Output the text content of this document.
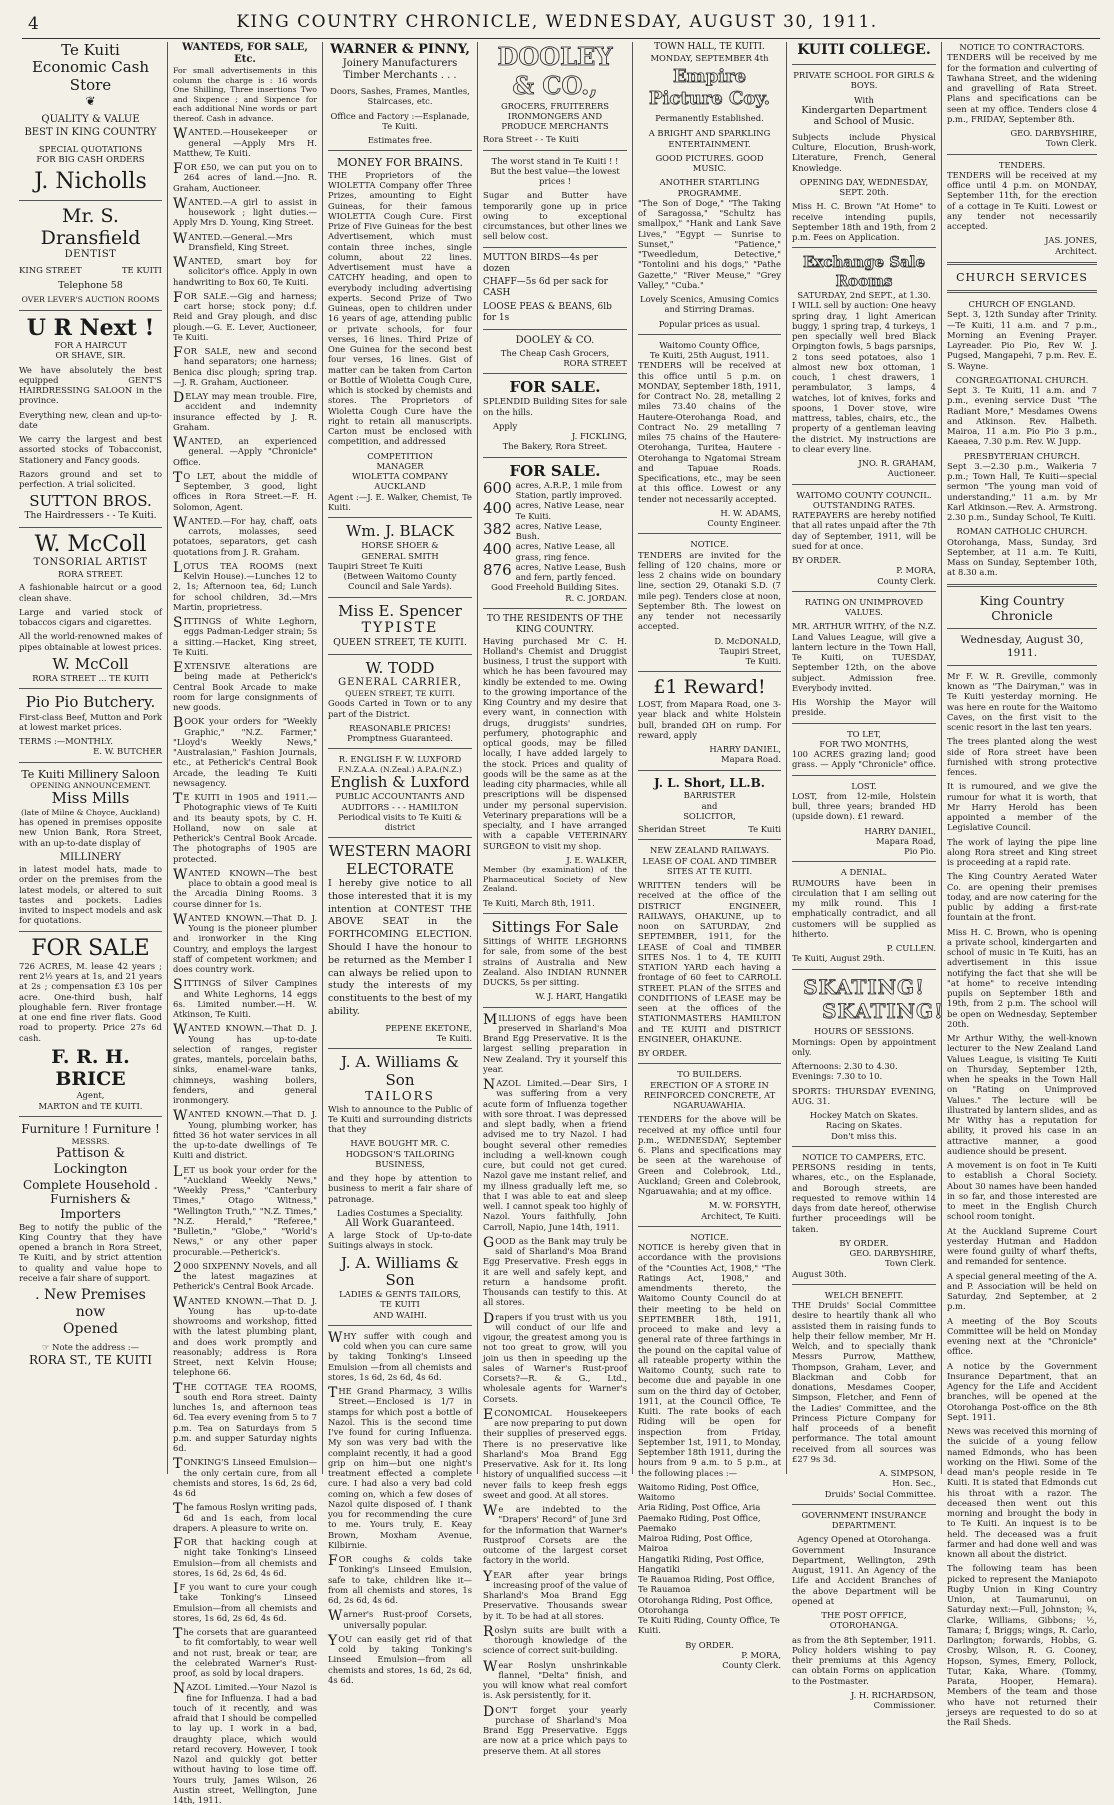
4	KING COUNTRY CHRONICLE, WEDNESDAY, AUGUST 30, 1911.
Te Kuiti
Economic Cash Store
❦
QUALITY & VALUE
BEST IN KING COUNTRY
SPECIAL QUOTATIONS
FOR BIG CASH ORDERS
J. Nicholls
Mr. S. Dransfield
DENTIST
KING STREET	TE KUITI
Telephone 58
OVER LEVER'S AUCTION ROOMS
U R Next !
FOR A HAIRCUT
OR SHAVE, SIR.

We have absolutely the best equipped GENT'S HAIRDRESSING SALOON in the province.

Everything new, clean and up-to-date

We carry the largest and best assorted stocks of Tobacconist, Stationery and Fancy goods.

Razors ground and set to perfection. A trial solicited.

SUTTON BROS.
The Hairdressers - - Te Kuiti.
W. McColl
TONSORIAL ARTIST
RORA STREET.

A fashionable haircut or a good clean shave.

Large and varied stock of tobaccos cigars and cigarettes.

All the world-renowned makes of pipes obtainable at lowest prices.

W. McColl
RORA STREET ... TE KUITI
Pio Pio Butchery.

First-class Beef, Mutton and Pork at lowest market prices.

TERMS :—MONTHLY.
E. W. BUTCHER
Te Kuiti Millinery Saloon
OPENING ANNOUNCEMENT.
Miss Mills
(late of Milne & Choyce, Auckland)

has opened in premises opposite new Union Bank, Rora Street, with an up-to-date display of

MILLINERY

in latest model hats, made to order on the premises from the latest models, or altered to suit tastes and pockets. Ladies invited to inspect models and ask for quotations.

FOR SALE

726 ACRES, M. lease 42 years ; rent 2½ years at 1s, and 21 years at 2s ; compensation £3 10s per acre. One-third bush, half ploughable fern. River frontage at one end fine river flats. Good road to property. Price 27s 6d cash.

F. R. H. BRICE
Agent,
MARTON and TE KUITI.
Furniture ! Furniture !
MESSRS.
Pattison & Lockington
Complete Household .
Furnishers & Importers

Beg to notify the public of the King Country that they have opened a branch in Rora Street, Te Kuiti, and by strict attention to quality and value hope to receive a fair share of support.

. New Premises now
Opened
☞ Note the address :—
RORA ST., TE KUITI
WANTEDS, FOR SALE, Etc.

For small advertisements in this column the charge is : 16 words One Shilling, Three insertions Two and Sixpence ; and Sixpence for each additional Nine words or part thereof. Cash in advance.

WANTED.—Housekeeper or general —Apply Mrs H. Matthew, Te Kuiti.

FOR £50, we can put you on to 264 acres of land.—Jno. R. Graham, Auctioneer.

WANTED.—A girl to assist in housework ; light duties.—Apply Mrs D. Young, King Street.

WANTED.—General.—Mrs Dransfield, King Street.

WANTED, smart boy for solicitor's office. Apply in own handwriting to Box 60, Te Kuiti.

FOR SALE.—Gig and harness; cart horse; stock pony; d.f. Reid and Gray plough, and disc plough.—G. E. Lever, Auctioneer, Te Kuiti.

FOR SALE, new and second hand separators; one harness; Benica disc plough; spring trap.—J. R. Graham, Auctioneer.

DELAY may mean trouble. Fire, accident and indemnity insurance effected by J. R. Graham.

WANTED, an experienced general. —Apply "Chronicle" Office.

TO LET, about the middle of September, 3 good, light offices in Rora Street.—F. H. Solomon, Agent.

WANTED.—For hay, chaff, oats carrots, molasses, seed potatoes, separators, get cash quotations from J. R. Graham.

LOTUS TEA ROOMS (next Kelvin House).—Lunches 12 to 2, 1s; Afternoon tea, 6d; Lunch for school children, 3d.—Mrs Martin, proprietress.

SITTINGS of White Leghorn, eggs Padman-Ledger strain; 5s a sitting.—Hacket, King street, Te Kuiti.

EXTENSIVE alterations are being made at Petherick's Central Book Arcade to make room for large consignments of new goods.

BOOK your orders for "Weekly Graphic," "N.Z. Farmer," "Lloyd's Weekly News," "Australasian," Fashion Journals, etc., at Petherick's Central Book Arcade, the leading Te Kuiti newsagency.

TE KUITI in 1905 and 1911.—Photographic views of Te Kuiti and its beauty spots, by C. H. Holland, now on sale at Petherick's Central Book Arcade. The photographs of 1905 are protected.

WANTED KNOWN—The best place to obtain a good meal is the Arcadia Dining Rooms. 3 course dinner for 1s.

WANTED KNOWN.—That D. J. Young is the pioneer plumber and ironworker in the King Country, and employs the largest staff of competent workmen; and does country work.

SITTINGS of Silver Campines and White Leghorns, 14 eggs 6s. Limited number.—H. W. Atkinson, Te Kuiti.

WANTED KNOWN.—That D. J. Young has up-to-date selection of ranges, register grates, mantels, porcelain baths, sinks, enamel-ware tanks, chimneys, washing boilers, fenders, and general ironmongery.

WANTED KNOWN.—That D. J. Young, plumbing worker, has fitted 36 hot water services in all the up-to-date dwellings of Te Kuiti and district.

LET us book your order for the "Auckland Weekly News," "Weekly Press," "Canterbury Times," Otago Witness," "Wellington Truth," "N.Z. Times," "N.Z. Herald," "Referee," "Bulletin," "Globe," "World's News," or any other paper procurable.—Petherick's.

2000 SIXPENNY Novels, and all the latest magazines at Petherick's Central Book Arcade.

WANTED KNOWN.—That D. J. Young has up-to-date showrooms and workshop, fitted with the latest plumbing plant, and does work promptly and reasonably; address is Rora Street, next Kelvin House; telephone 66.

THE COTTAGE TEA ROOMS, south end Rora street. Dainty lunches 1s, and afternoon teas 6d. Tea every evening from 5 to 7 p.m. Tea on Saturdays from 5 p.m. and supper Saturday nights 6d.

TONKING'S Linseed Emulsion—the only certain cure, from all chemists and stores, 1s 6d, 2s 6d, 4s 6d

The famous Roslyn writing pads, 6d and 1s each, from local drapers. A pleasure to write on.

FOR that hacking cough at night take Tonking's Linseed Emulsion—from all chemists and stores, 1s 6d, 2s 6d, 4s 6d.

IF you want to cure your cough take Tonking's Linseed Emulsion—from all chemists and stores, 1s 6d, 2s 6d, 4s 6d.

The corsets that are guaranteed to fit comfortably, to wear well and not rust, break or tear, are the celebrated Warner's Rust-proof, as sold by local drapers.

NAZOL Limited.—Your Nazol is fine for Influenza. I had a bad touch of it recently, and was afraid that I should be compelled to lay up. I work in a bad, draughty place, which would retard recovery. However, I took Nazol and quickly got better without having to lose time off. Yours truly, James Wilson, 26 Austin street, Wellington, June 14th, 1911.

WARNER & PINNY,
Joinery Manufacturers
Timber Merchants . . .

Doors, Sashes, Frames, Mantles, Staircases, etc.

Office and Factory :—Esplanade, Te Kuiti.

Estimates free.
MONEY FOR BRAINS.

THE Proprietors of the WIOLETTA Company offer Three Prizes, amounting to Eight Guineas, for their famous WIOLETTA Cough Cure. First Prize of Five Guineas for the best Advertisement, which must contain three inches, single column, about 22 lines. Advertisement must have a CATCHY heading, and open to everybody including advertising experts. Second Prize of Two Guineas, open to children under 16 years of age, attending public or private schools, for four verses, 16 lines. Third Prize of One Guinea for the second best four verses, 16 lines. Gist of matter can be taken from Carton or Bottle of Wioletta Cough Cure, which is stocked by chemists and stores. The Proprietors of Wioletta Cough Cure have the right to retain all manuscripts. Carton must be enclosed with competition, and addressed

COMPETITION
MANAGER
WIOLETTA COMPANY
AUCKLAND

Agent :—J. E. Walker, Chemist, Te Kuiti.

Wm. J. BLACK
HORSE SHOER &
GENERAL SMITH
Taupiri Street Te Kuiti

(Between Waitomo County Council and Sale Yards).

Miss E. Spencer
TYPISTE
QUEEN STREET, TE KUITI.
W. TODD
GENERAL CARRIER,
QUEEN STREET, TE KUITI.

Goods Carted in Town or to any part of the District.

REASONABLE PRICES!
Promptness Guaranteed.
R. ENGLISH F. W. LUXFORD
F.N.Z.A.A. (N.Zeal.) A.P.A.(N.Z.)
English & Luxford
PUBLIC ACCOUNTANTS AND AUDITORS - - - HAMILTON
Periodical visits to Te Kuiti & district
WESTERN MAORI
ELECTORATE

I hereby give notice to all those interested that it is my intention at CONTEST THE ABOVE SEAT in the FORTHCOMING ELECTION. Should I have the honour to be returned as the Member I can always be relied upon to study the interests of my constituents to the best of my ability.

PEPENE EKETONE,
Te Kuiti.
J. A. Williams & Son
TAILORS

Wish to announce to the Public of Te Kuiti and surrounding districts that they

HAVE BOUGHT MR. C. HODGSON'S TAILORING BUSINESS,

and they hope by attention to business to merit a fair share of patronage.

Ladies Costumes a Speciality.
All Work Guaranteed.

A large Stock of Up-to-date Suitings always in stock.

J. A. Williams & Son
LADIES & GENTS TAILORS,
TE KUITI
AND WAIHI.

WHY suffer with cough and cold when you can cure same by taking Tonking's Linseed Emulsion —from all chemists and stores, 1s 6d, 2s 6d, 4s 6d.

THE Grand Pharmacy, 3 Willis Street.—Enclosed is 1/7 in stamps for which post a bottle of Nazol. This is the second time I've found for curing Influenza. My son was very bad with the complaint recently, it had a good grip on him—but one night's treatment effected a complete cure. I had also a very bad cold coming on, which a few doses of Nazol quite disposed of. I thank you for recommending the cure to me. Yours truly, E. Keay Brown, Moxham Avenue, Kilbirnie.

FOR coughs & colds take Tonking's Linseed Emulsion, safe to take, children like it—from all chemists and stores, 1s 6d, 2s 6d, 4s 6d.

Warner's Rust-proof Corsets, universally popular.

YOU can easily get rid of that cold by taking Tonking's Linseed Emulsion—from all chemists and stores, 1s 6d, 2s 6d, 4s 6d.

DOOLEY & CO.,
GROCERS, FRUITERERS
IRONMONGERS AND
PRODUCE MERCHANTS
Rora Street - - Te Kuiti

The worst stand in Te Kuiti ! ! But the best value—the lowest prices !

Sugar and Butter have temporarily gone up in price owing to exceptional circumstances, but other lines we sell below cost.

MUTTON BIRDS—4s per dozen
CHAFF—5s 6d per sack for CASH
LOOSE PEAS & BEANS, 6lb for 1s
DOOLEY & CO.
The Cheap Cash Grocers,
RORA STREET
FOR SALE.

SPLENDID Building Sites for sale on the hills.

Apply
J. FICKLING,
The Bakery, Rora Street.
FOR SALE.
600 acres, A.R.P., 1 mile from Station, partly improved.
400 acres, Native Lease, near Te Kuiti.
382 acres, Native Lease, Bush.
400 acres, Native Lease, all grass, ring fence.
876 acres, Native Lease, Bush and fern, partly fenced.
Good Freehold Building Sites.
R. C. JORDAN.
TO THE RESIDENTS OF THE KING COUNTRY.

Having purchased Mr C. H. Holland's Chemist and Druggist business, I trust the support with which he has been favoured may kindly be extended to me. Owing to the growing importance of the King Country and my desire that every want, in connection with drugs, druggists' sundries, perfumery, photographic and optical goods, may be filled locally, I have added largely to the stock. Prices and quality of goods will be the same as at the leading city pharmacies, while all prescriptions will be dispensed under my personal supervision. Veterinary preparations will be a specialty, and I have arranged with a capable VETERINARY SURGEON to visit my shop.

J. E. WALKER,

Member (by examination) of the Pharmaceutical Society of New Zealand.

Te Kuiti, March 8th, 1911.
Sittings For Sale

Sittings of WHITE LEGHORNS for sale, from some of the best strains of Australia and New Zealand. Also INDIAN RUNNER DUCKS, 5s per sitting.

W. J. HART, Hangatiki

MILLIONS of eggs have been preserved in Sharland's Moa Brand Egg Preservative. It is the largest selling preparation in New Zealand. Try it yourself this year.

NAZOL Limited.—Dear Sirs, I was suffering from a very acute form of Influenza together with sore throat. I was depressed and slept badly, when a friend advised me to try Nazol. I had bought several other remedies including a well-known cough cure, but could not get cured. Nazol gave me instant relief, and my illness gradually left me, so that I was able to eat and sleep well. I cannot speak too highly of Nazol. Yours faithfully, John Carroll, Napio, June 14th, 1911.

GOOD as the Bank may truly be said of Sharland's Moa Brand Egg Preservative. Fresh eggs in it are well and safely kept, and return a handsome profit. Thousands can testify to this. At all stores.

Drapers if you trust with us you will conduct of our life and vigour, the greatest among you is not too great to grow, will you join us then in speeding up the sales of Warner's Rust-proof Corsets?—R. & G., Ltd., wholesale agents for Warner's Corsets.

ECONOMICAL Housekeepers are now preparing to put down their supplies of preserved eggs. There is no preservative like Sharland's Moa Brand Egg Preservative. Ask for it. Its long history of unqualified success —it never fails to keep fresh eggs sweet and good. At all stores.

We are indebted to the "Drapers' Record" of June 3rd for the information that Warner's Rustproof Corsets are the outcome of the largest corset factory in the world.

YEAR after year brings increasing proof of the value of Sharland's Moa Brand Egg Preservative. Thousands swear by it. To be had at all stores.

Roslyn suits are built with a thorough knowledge of the science of correct suit-building.

Wear Roslyn unshrinkable flannel, "Delta" finish, and you will know what real comfort is. Ask persistently, for it.

DON'T forget your yearly purchase of Sharland's Moa Brand Egg Preservative. Eggs are now at a price which pays to preserve them. At all stores

TOWN HALL, TE KUITI.
MONDAY, SEPTEMBER 4th
Empire Picture Coy.
Permanently Established.

A BRIGHT AND SPARKLING ENTERTAINMENT.

GOOD PICTURES. GOOD MUSIC.
ANOTHER STARTLING PROGRAMME.

"The Son of Doge," "The Taking of Saragossa," "Schultz has smallpox," "Hank and Lank Save Lives," "Egypt — Sunrise to Sunset," "Patience," "Tweedledum, Detective," "Tontolini and his dogs," "Pathe Gazette," "River Meuse," "Grey Valley," "Cuba."

Lovely Scenics, Amusing Comics and Stirring Dramas.

Popular prices as usual.
Waitomo County Office,
Te Kuiti, 25th August, 1911.

TENDERS will be received at this office until 5 p.m. on MONDAY, September 18th, 1911, for Contract No. 28, metalling 2 miles 73.40 chains of the Hautere-Oterohanga Road, and Contract No. 29 metalling 7 miles 75 chains of the Hautere-Oterohanga, Turitea, Hautere - Oterohanga to Ngatomai Stream and Tapuae Roads. Specifications, etc., may be seen at this office. Lowest or any tender not necessarily accepted.

H. W. ADAMS,
County Engineer.
NOTICE.

TENDERS are invited for the felling of 120 chains, more or less 2 chains wide on boundary line, section 29, Otanaki S.D. (7 mile peg). Tenders close at noon, September 8th. The lowest on any tender not necessarily accepted.

D. McDONALD,
Taupiri Street,
Te Kuiti.
£1 Reward!

LOST, from Mapara Road, one 3-year black and white Holstein bull, branded ΩH on rump. For reward, apply

HARRY DANIEL,
Mapara Road.
J. L. Short, LL.B.
BARRISTER
and
SOLICITOR,
Sheridan Street	Te Kuiti
NEW ZEALAND RAILWAYS.

LEASE OF COAL AND TIMBER SITES AT TE KUITI.

WRITTEN tenders will be received at the office of the DISTRICT ENGINEER, RAILWAYS, OHAKUNE, up to noon on SATURDAY, 2nd SEPTEMBER, 1911, for the LEASE of Coal and TIMBER SITES Nos. 1 to 4, TE KUITI STATION YARD each having a frontage of 60 feet to CARROLL STREET. PLAN of the SITES and CONDITIONS of LEASE may be seen at the offices of the STATIONMASTERS HAMILTON and TE KUITI and DISTRICT ENGINEER, OHAKUNE.

BY ORDER.
TO BUILDERS.

ERECTION OF A STORE IN REINFORCED CONCRETE, AT NGARUAWAHIA.

TENDERS for the above will be received at my office until four p.m., WEDNESDAY, September 6. Plans and specifications may be seen at the warehouse of Green and Colebrook, Ltd., Auckland; Green and Colebrook, Ngaruawahia; and at my office.

M. W. FORSYTH,
Architect, Te Kuiti.
NOTICE.

NOTICE is hereby given that in accordance with the provisions of the "Counties Act, 1908," "The Ratings Act, 1908," and amendments thereto, the Waitomo County Council do at their meeting to be held on SEPTEMBER 18th, 1911, proceed to make and levy a general rate of three farthings in the pound on the capital value of all rateable property within the Waitomo County, such rate to become due and payable in one sum on the third day of October, 1911, at the Council Office, Te Kuiti. The rate books of each Riding will be open for inspection from Friday, September 1st, 1911, to Monday, September 18th 1911, during the hours from 9 a.m. to 5 p.m., at the following places :—

Waitomo Riding, Post Office, Waitomo
Aria Riding, Post Office, Aria
Paemako Riding, Post Office, Paemako
Mairoa Riding, Post Office, Mairoa
Hangatiki Riding, Post Office, Hangatiki
Te Rauamoa Riding, Post Office, Te Rauamoa
Otorohanga Riding, Post Office, Otorohanga
Te Kuiti Riding, County Office, Te Kuiti.

By ORDER.
P. MORA,
County Clerk.
KUITI COLLEGE.

PRIVATE SCHOOL FOR GIRLS & BOYS.

With

Kindergarten Department and School of Music.

Subjects include Physical Culture, Elocution, Brush-work, Literature, French, General Knowledge.

OPENING DAY, WEDNESDAY, SEPT. 20th.

Miss H. C. Brown "At Home" to receive intending pupils, September 18th and 19th, from 2 p.m. Fees on Application.

Exchange Sale Rooms
SATURDAY, 2nd SEPT., at 1.30.

I WILL sell by auction: One heavy spring dray, 1 light American buggy, 1 spring trap, 4 turkeys, 1 pen specially well bred Black Orpington fowls, 5 bags parsnips, 2 tons seed potatoes, also 1 almost new box ottoman, 1 couch, 1 chest drawers, 1 perambulator, 3 lamps, 4 watches, lot of knives, forks and spoons, 1 Dover stove, wire mattress, tables, chairs, etc., the property of a gentleman leaving the district. My instructions are to clear every line.

JNO. R. GRAHAM,
Auctioneer.
WAITOMO COUNTY COUNCIL.
OUTSTANDING RATES.

RATEPAYERS are hereby notified that all rates unpaid after the 7th day of September, 1911, will be sued for at once.

BY ORDER.
P. MORA,
County Clerk.

RATING ON UNIMPROVED VALUES.

MR. ARTHUR WITHY, of the N.Z. Land Values League, will give a lantern lecture in the Town Hall, Te Kuiti, on TUESDAY, September 12th, on the above subject. Admission free. Everybody invited.

His Worship the Mayor will preside.

TO LET,
FOR TWO MONTHS,

100 ACRES grazing land; good grass. — Apply "Chronicle" office.

LOST.

LOST, from 12-mile, Holstein bull, three years; branded HD (upside down). £1 reward.

HARRY DANIEL,
Mapara Road,
Pio Pio.
A DENIAL.

RUMOURS have been in circulation that I am selling out my milk round. This I emphatically contradict, and all customers will be supplied as hitherto.

P. CULLEN.
Te Kuiti, August 29th.
SKATING!
SKATING!
HOURS OF SESSIONS.

Mornings: Open by appointment only.

Afternoons: 2.30 to 4.30.
Evenings: 7.30 to 10.

SPORTS: THURSDAY EVENING, AUG. 31.

Hockey Match on Skates.
Racing on Skates.
Don't miss this.
NOTICE TO CAMPERS, ETC.

PERSONS residing in tents, whares, etc., on the Esplanade, and Borough streets, are requested to remove within 14 days from date hereof, otherwise further proceedings will be taken.

BY ORDER.
GEO. DARBYSHIRE,
Town Clerk.
August 30th.
WELCH BENEFIT.

THE Druids' Social Committee desire to heartily thank all who assisted them in raising funds to help their fellow member, Mr H. Welch, and to specially thank Messrs Purrow, Matthew, Thompson, Graham, Lever, and Blackman and Cobb for donations, Mesdames Cooper, Simpson, Fletcher, and Fenn of the Ladies' Committee, and the Princess Picture Company for half proceeds of a benefit performance. The total amount received from all sources was £27 9s 3d.

A. SIMPSON,
Hon. Sec.,
Druids' Social Committee.

GOVERNMENT INSURANCE DEPARTMENT.

Agency Opened at Otorohanga.

Government Insurance Department, Wellington, 29th August, 1911. An Agency of the Life and Accident Branches of the above Department will be opened at

THE POST OFFICE, OTOROHANGA.

as from the 8th September, 1911. Policy holders wishing to pay their premiums at this Agency can obtain Forms on application to the Postmaster.

J. H. RICHARDSON,
Commissioner.
NOTICE TO CONTRACTORS.

TENDERS will be received by me for the formation and culverting of Tawhana Street, and the widening and gravelling of Rata Street. Plans and specifications can be seen at my office. Tenders close 4 p.m., FRIDAY, September 8th.

GEO. DARBYSHIRE,
Town Clerk.
TENDERS.

TENDERS will be received at my office until 4 p.m. on MONDAY, September 11th, for the erection of a cottage in Te Kuiti. Lowest or any tender not necessarily accepted.

JAS. JONES,
Architect.
CHURCH SERVICES
CHURCH OF ENGLAND.

Sept. 3, 12th Sunday after Trinity.—Te Kuiti, 11 a.m. and 7 p.m., Morning an Evening Prayer. Layreader. Pio Pio, Rev W. J. Pugsed, Mangapehi, 7 p.m. Rev. E. S. Wayne.

CONGREGATIONAL CHURCH.

Sept 3. Te Kuiti, 11 a.m. and 7 p.m., evening service Dust "The Radiant More," Mesdames Owens and Atkinson. Rev. Halbeth. Mairoa, 11 a.m. Pio Pio 3 p.m., Kaeaea, 7.30 p.m. Rev. W. Jupp.

PRESBYTERIAN CHURCH.

Sept 3.—2.30 p.m., Waikeria 7 p.m.; Town Hall, Te Kuiti—special sermon "The young man void of understanding," 11 a.m. by Mr Karl Atkinson.—Rev. A. Armstrong. 2.30 p.m., Sunday School, Te Kuiti.

ROMAN CATHOLIC CHURCH.

Otorohanga, Mass, Sunday, 3rd September, at 11 a.m. Te Kuiti, Mass on Sunday, September 10th, at 8.30 a.m.

King Country Chronicle
Wednesday, August 30, 1911.

Mr F. W. R. Greville, commonly known as "The Dairyman," was in Te Kuiti yesterday morning. He was here en route for the Waitomo Caves, on the first visit to the scenic resort in the last ten years.

The trees planted along the west side of Rora street have been furnished with strong protective fences.

It is rumoured, and we give the rumour for what it is worth, that Mr Harry Herold has been appointed a member of the Legislative Council.

The work of laying the pipe line along Rora street and King street is proceeding at a rapid rate.

The King Country Aerated Water Co. are opening their premises today, and are now catering for the public by adding a first-rate fountain at the front.

Miss H. C. Brown, who is opening a private school, kindergarten and school of music in Te Kuiti, has an advertisement in this issue notifying the fact that she will be "at home" to receive intending pupils on September 18th and 19th, from 2 p.m. The school will be open on Wednesday, September 20th.

Mr Arthur Withy, the well-known lecturer to the New Zealand Land Values League, is visiting Te Kuiti on Thursday, September 12th, when he speaks in the Town Hall on "Rating on Unimproved Values." The lecture will be illustrated by lantern slides, and as Mr Withy has a reputation for ability, it proved his case in an attractive manner, a good audience should be present.

A movement is on foot in Te Kuiti to establish a Choral Society. About 30 names have been handed in so far, and those interested are to meet in the English Church school room tonight.

At the Auckland Supreme Court yesterday Hutman and Haddon were found guilty of wharf thefts, and remanded for sentence.

A special general meeting of the A. and P. Association will be held on Saturday, 2nd September, at 2 p.m.

A meeting of the Boy Scouts Committee will be held on Monday evening next at the "Chronicle" office.

A notice by the Government Insurance Department, that an Agency for the Life and Accident branches, will be opened at the Otorohanga Post-office on the 8th Sept. 1911.

News was received this morning of the suicide of a young fellow named Edmonds, who has been working on the Hiwi. Some of the dead man's people reside in Te Kuiti. It is stated that Edmonds cut his throat with a razor. The deceased then went out this morning and brought the body in to Te Kuiti. An inquest is to be held. The deceased was a fruit farmer and had done well and was known all about the district.

The following team has been picked to represent the Maniapoto Rugby Union in King Country Union, at Taumarunui, on Saturday next:—Full, Johnston; ¾, Clarke, Williams, Gibbons; ½, Tamara; f, Briggs; wings, R. Carlo, Darlington; forwards, Hobbs, G. Crosby, Wilson, R. G. Cooney, Hopson, Symes, Emery, Pollock, Tutar, Kaka, Whare. (Tommy, Parata, Hooper, Hemara). Members of the team and those who have not returned their jerseys are requested to do so at the Rail Sheds.
